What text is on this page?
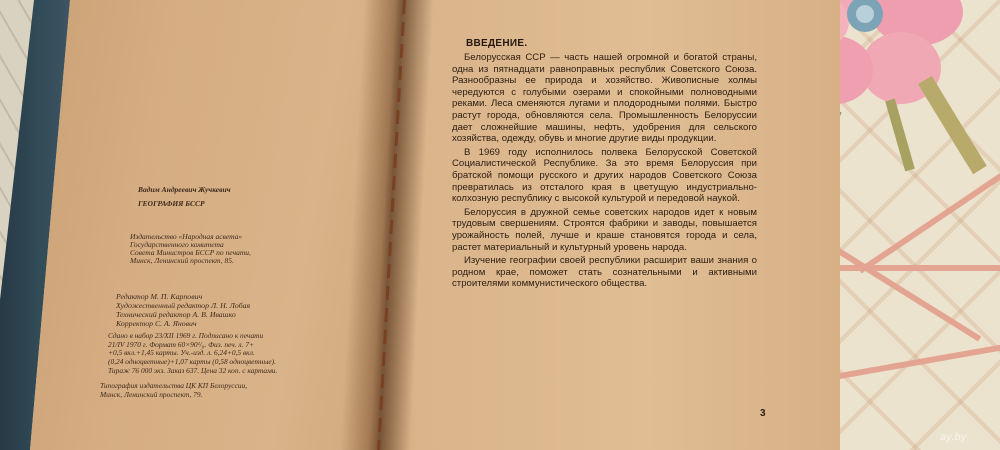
Вадим Андреевич Жучкевич
ГЕОГРАФИЯ БССР
Издательство «Народная асвета»
Государственного комитета
Совета Министров БССР по печати,
Минск, Ленинский проспект, 85.
Редактор М. П. Карпович
Художественный редактор Л. Н. Лобая
Технический редактор А. В. Ивашко
Корректор С. А. Янович
Сдано в набор 23/XII 1969 г. Подписано к печати
21/IV 1970 г. Формат 60×90¹/₈. Физ. печ. л. 7+
+0,5 вкл.+1,45 карты. Уч.-изд. л. 6,24+0,5 вкл.
(0,24 одноцветные)+1,07 карты (0,58 одноцветные).
Тираж 76 000 экз. Заказ 637. Цена 32 коп. с картами.
Типография издательства ЦК КП Белоруссии,
Минск, Ленинский проспект, 79.
ВВЕДЕНИЕ.

Белорусская ССР — часть нашей огромной и богатой страны, одна из пятнадцати равноправных республик Советского Союза. Разнообразны ее природа и хозяйство. Живописные холмы чередуются с голубыми озерами и спокойными полноводными реками. Леса сменяются лугами и плодородными полями. Быстро растут города, обновляются села. Промышленность Белоруссии дает сложнейшие машины, нефть, удобрения для сельского хозяйства, одежду, обувь и многие другие виды продукции.

В 1969 году исполнилось полвека Белорусской Советской Социалистической Республике. За это время Белоруссия при братской помощи русского и других народов Советского Союза превратилась из отсталого края в цветущую индустриально-колхозную республику с высокой культурой и передовой наукой.

Белоруссия в дружной семье советских народов идет к новым трудовым свершениям. Строятся фабрики и заводы, повышается урожайность полей, лучше и краше становятся города и села, растет материальный и культурный уровень народа.

Изучение географии своей республики расширит ваши знания о родном крае, поможет стать сознательными и активными строителями коммунистического общества.

3
ay.by
